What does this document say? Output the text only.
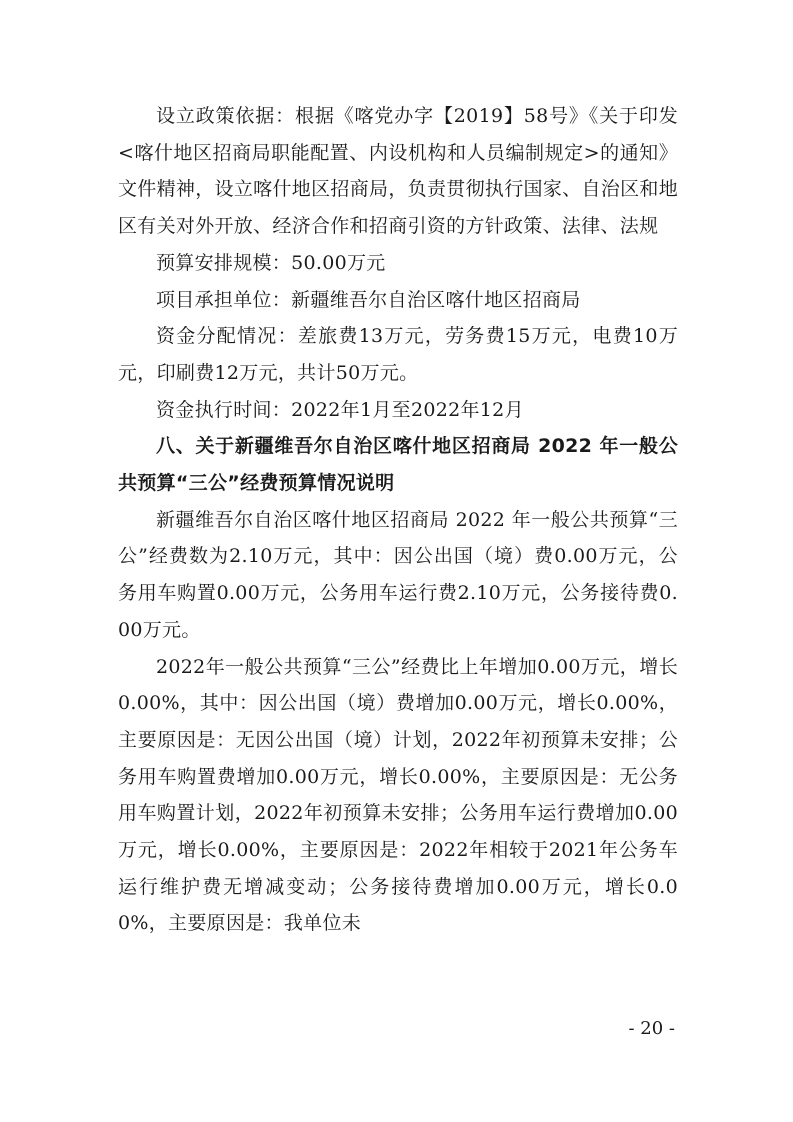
设立政策依据：根据《喀党办字【2019】58号》《关于印发<喀什地区招商局职能配置、内设机构和人员编制规定>的通知》文件精神，设立喀什地区招商局，负责贯彻执行国家、自治区和地区有关对外开放、经济合作和招商引资的方针政策、法律、法规

预算安排规模：50.00万元

项目承担单位：新疆维吾尔自治区喀什地区招商局

资金分配情况：差旅费13万元，劳务费15万元，电费10万元，印刷费12万元，共计50万元。

资金执行时间：2022年1月至2022年12月

八、关于新疆维吾尔自治区喀什地区招商局 2022 年一般公共预算“三公”经费预算情况说明

新疆维吾尔自治区喀什地区招商局 2022 年一般公共预算“三公”经费数为2.10万元，其中：因公出国（境）费0.00万元，公务用车购置0.00万元，公务用车运行费2.10万元，公务接待费0.00万元。

2022年一般公共预算“三公”经费比上年增加0.00万元，增长0.00%，其中：因公出国（境）费增加0.00万元，增长0.00%，主要原因是：无因公出国（境）计划，2022年初预算未安排；公务用车购置费增加0.00万元，增长0.00%，主要原因是：无公务用车购置计划，2022年初预算未安排；公务用车运行费增加0.00万元，增长0.00%，主要原因是：2022年相较于2021年公务车运行维护费无增减变动；公务接待费增加0.00万元，增长0.00%，主要原因是：我单位未

- 20 -
